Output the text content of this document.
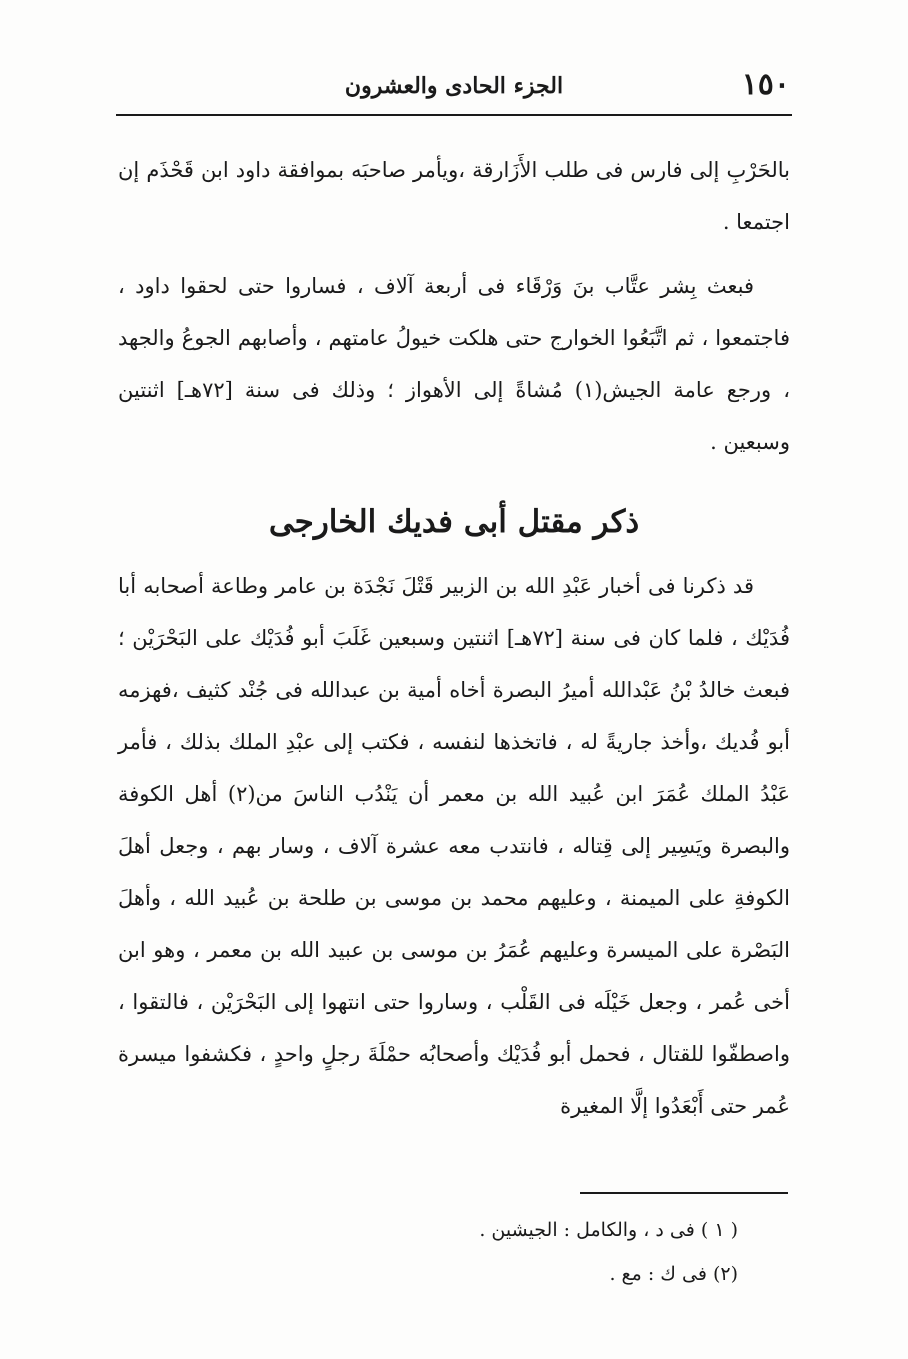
١٥٠
الجزء الحادى والعشرون

بالحَرْبِ إلى فارس فى طلب الأَزَارقة ،ويأمر صاحبَه بموافقة داود ابن قَحْذَم إن اجتمعا .

فبعث بِشر عتَّاب بنَ وَرْقَاء فى أربعة آلاف ، فساروا حتى لحقوا داود ، فاجتمعوا ، ثم اتَّبَعُوا الخوارج حتى هلكت خيولُ عامتهم ، وأصابهم الجوعُ والجهد ، ورجع عامة الجيش(١) مُشاةً إلى الأهواز ؛ وذلك فى سنة [٧٢هـ] اثنتين وسبعين .

ذكر مقتل أبى فديك الخارجى

قد ذكرنا فى أخبار عَبْدِ الله بن الزبير قَتْلَ نَجْدَة بن عامر وطاعة أصحابه أبا فُدَيْك ، فلما كان فى سنة [٧٢هـ] اثنتين وسبعين غَلَبَ أبو فُدَيْك على البَحْرَيْن ؛فبعث خالدُ بْنُ عَبْدالله أميرُ البصرة أخاه أمية بن عبدالله فى جُنْد كثيف ،فهزمه أبو فُديك ،وأخذ جاريةً له ، فاتخذها لنفسه ، فكتب إلى عبْدِ الملك بذلك ، فأمر عَبْدُ الملك عُمَرَ ابن عُبيد الله بن معمر أن يَنْدُب الناسَ من(٢) أهل الكوفة والبصرة ويَسِير إلى قِتاله ، فانتدب معه عشرة آلاف ، وسار بهم ، وجعل أهلَ الكوفةِ على الميمنة ، وعليهم محمد بن موسى بن طلحة بن عُبيد الله ، وأهلَ البَصْرة على الميسرة وعليهم عُمَرُ بن موسى بن عبيد الله بن معمر ، وهو ابن أخى عُمر ، وجعل خَيْلَه فى القَلْب ، وساروا حتى انتهوا إلى البَحْرَيْن ، فالتقوا ، واصطفّوا للقتال ، فحمل أبو فُدَيْك وأصحابُه حمْلَةَ رجلٍ واحدٍ ، فكشفوا ميسرة عُمر حتى أَبْعَدُوا إلَّا المغيرة

( ١ ) فى د ، والكامل : الجيشين .

(٢) فى ك : مع .
